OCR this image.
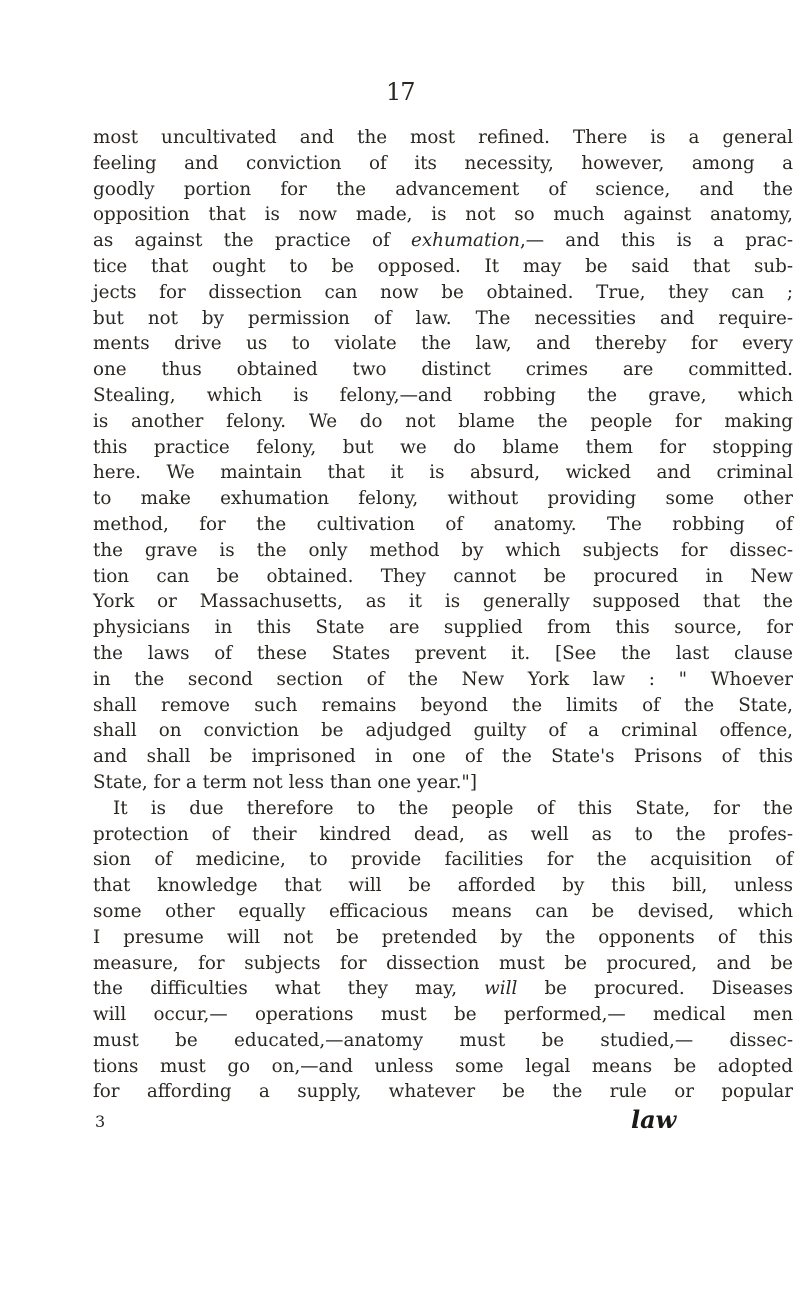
17
most uncultivated and the most refined. There is a general
feeling and conviction of its necessity, however, among a
goodly portion for the advancement of science, and the
opposition that is now made, is not so much against anatomy,
as against the practice of exhumation,— and this is a prac-
tice that ought to be opposed. It may be said that sub-
jects for dissection can now be obtained. True, they can ;
but not by permission of law. The necessities and require-
ments drive us to violate the law, and thereby for every
one thus obtained two distinct crimes are committed.
Stealing, which is felony,—and robbing the grave, which
is another felony. We do not blame the people for making
this practice felony, but we do blame them for stopping
here. We maintain that it is absurd, wicked and criminal
to make exhumation felony, without providing some other
method, for the cultivation of anatomy. The robbing of
the grave is the only method by which subjects for dissec-
tion can be obtained. They cannot be procured in New
York or Massachusetts, as it is generally supposed that the
physicians in this State are supplied from this source, for
the laws of these States prevent it. [See the last clause
in the second section of the New York law : " Whoever
shall remove such remains beyond the limits of the State,
shall on conviction be adjudged guilty of a criminal offence,
and shall be imprisoned in one of the State's Prisons of this
State, for a term not less than one year."]
It is due therefore to the people of this State, for the
protection of their kindred dead, as well as to the profes-
sion of medicine, to provide facilities for the acquisition of
that knowledge that will be afforded by this bill, unless
some other equally efficacious means can be devised, which
I presume will not be pretended by the opponents of this
measure, for subjects for dissection must be procured, and be
the difficulties what they may, will be procured. Diseases
will occur,— operations must be performed,— medical men
must be educated,—anatomy must be studied,— dissec-
tions must go on,—and unless some legal means be adopted
for affording a supply, whatever be the rule or popular
3	law
